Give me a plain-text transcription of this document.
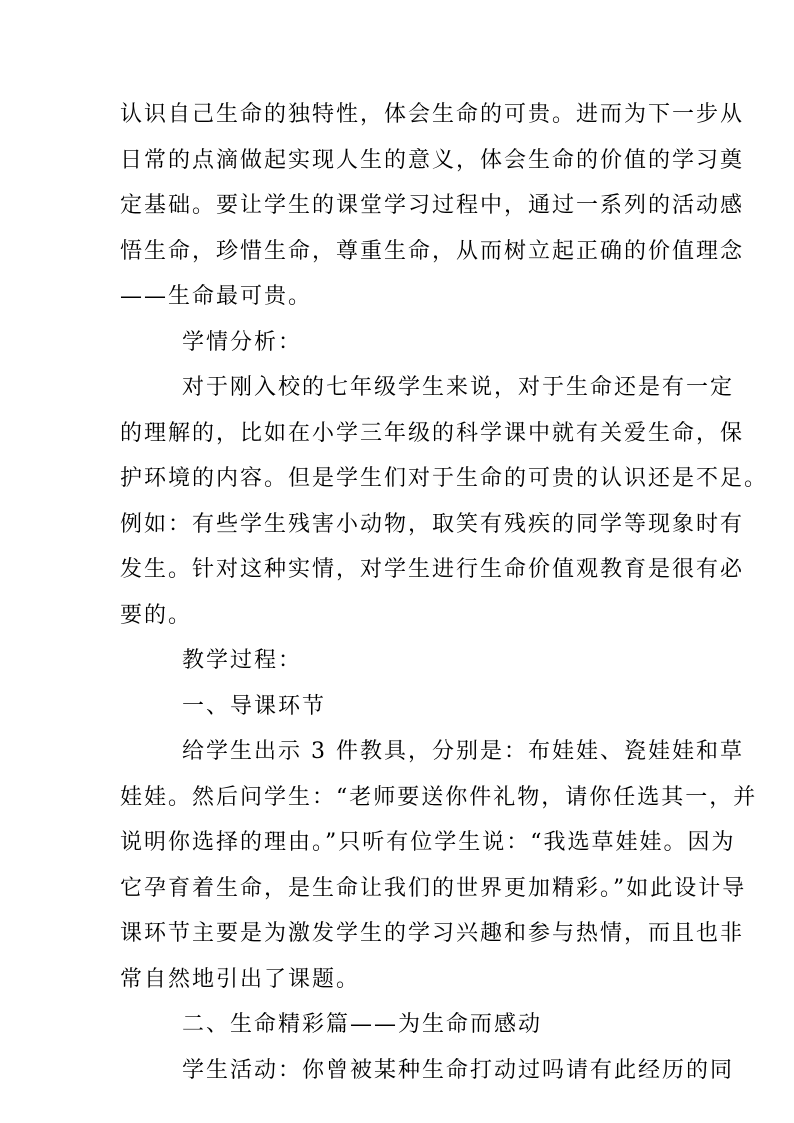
认识自己生命的独特性，体会生命的可贵。进而为下一步从
日常的点滴做起实现人生的意义，体会生命的价值的学习奠
定基础。要让学生的课堂学习过程中，通过一系列的活动感
悟生命，珍惜生命，尊重生命，从而树立起正确的价值理念
——生命最可贵。
学情分析：
对于刚入校的七年级学生来说，对于生命还是有一定
的理解的，比如在小学三年级的科学课中就有关爱生命，保
护环境的内容。但是学生们对于生命的可贵的认识还是不足。
例如：有些学生残害小动物，取笑有残疾的同学等现象时有
发生。针对这种实情，对学生进行生命价值观教育是很有必
要的。
教学过程：
一、导课环节
给学生出示 3 件教具，分别是：布娃娃、瓷娃娃和草
娃娃。然后问学生：“老师要送你件礼物，请你任选其一，并
说明你选择的理由。”只听有位学生说：“我选草娃娃。因为
它孕育着生命，是生命让我们的世界更加精彩。”如此设计导
课环节主要是为激发学生的学习兴趣和参与热情，而且也非
常自然地引出了课题。
二、生命精彩篇——为生命而感动
学生活动：你曾被某种生命打动过吗请有此经历的同
